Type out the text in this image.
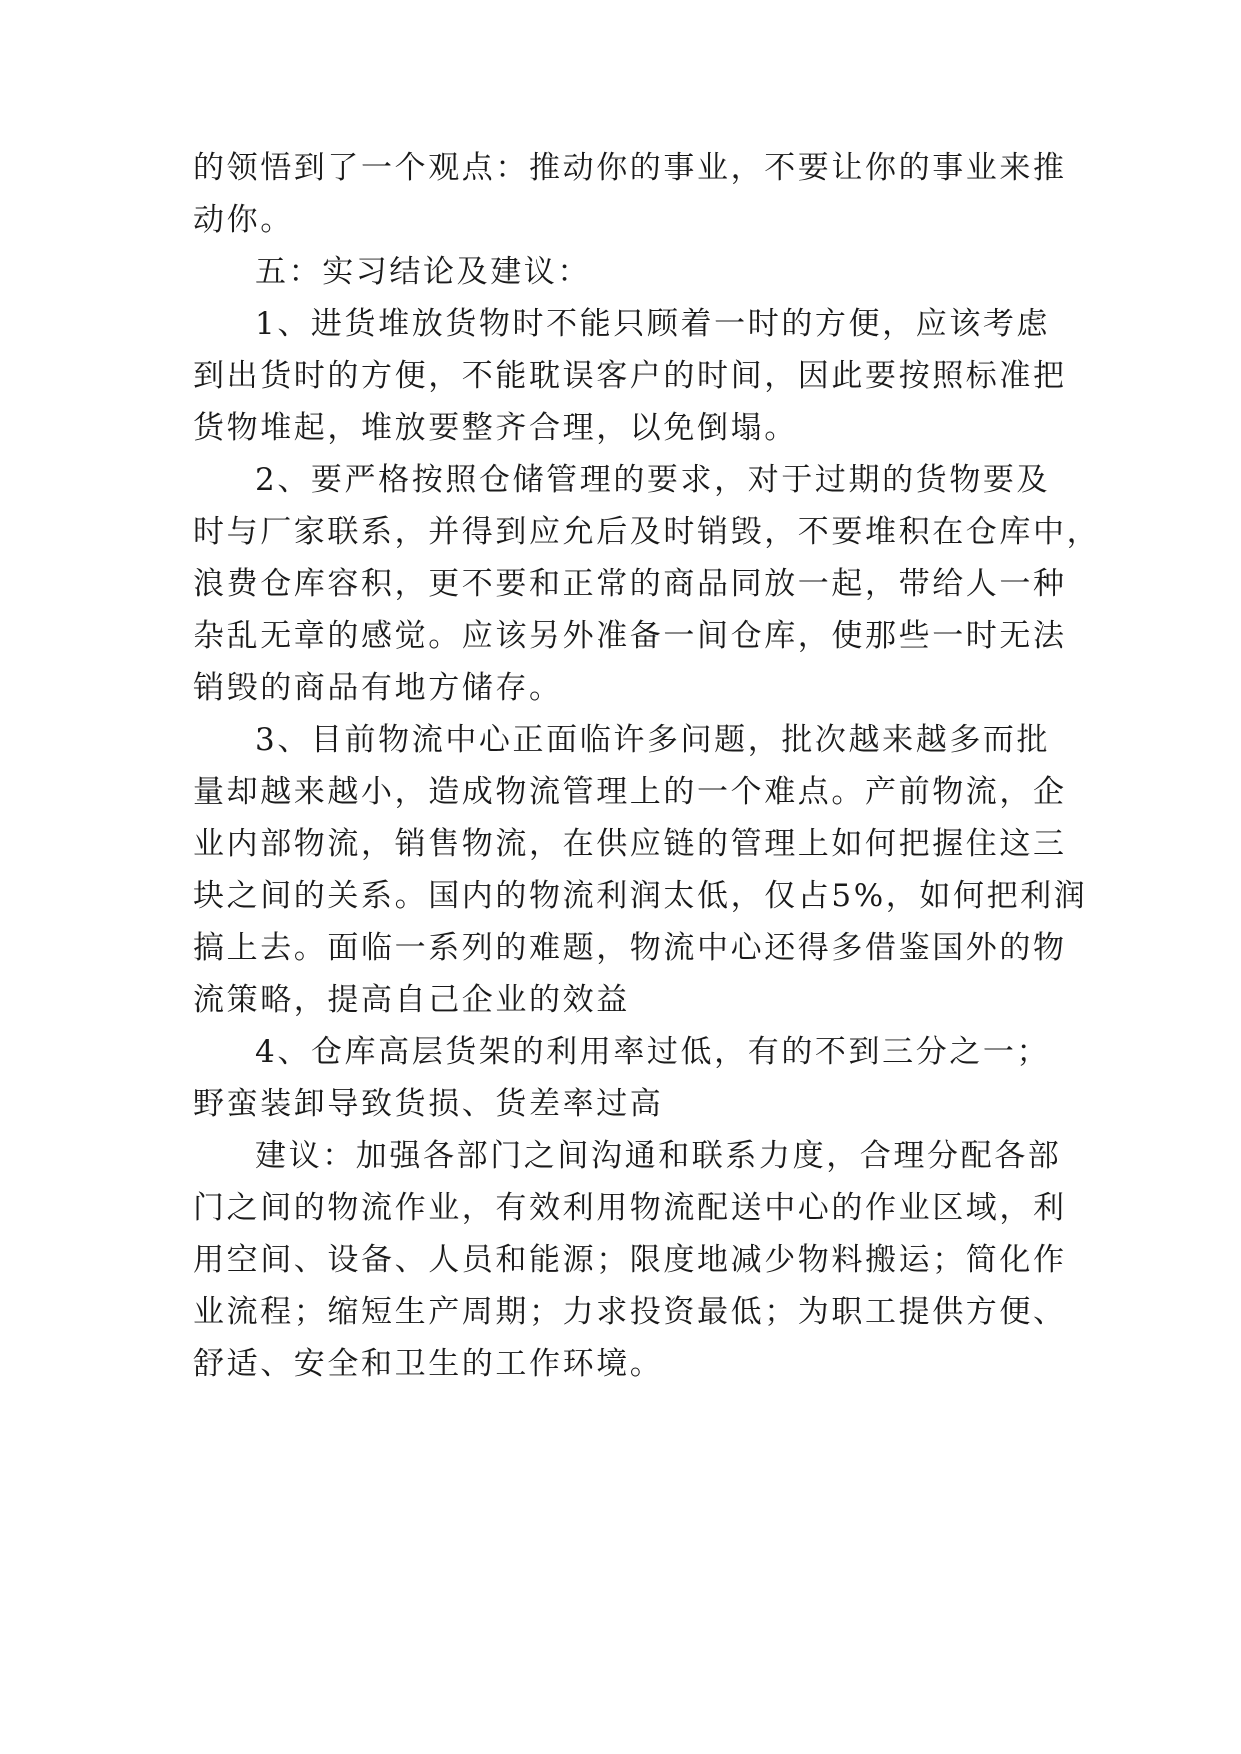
的领悟到了一个观点：推动你的事业，不要让你的事业来推
动你。
五：实习结论及建议：
1、进货堆放货物时不能只顾着一时的方便，应该考虑
到出货时的方便，不能耽误客户的时间，因此要按照标准把
货物堆起，堆放要整齐合理，以免倒塌。
2、要严格按照仓储管理的要求，对于过期的货物要及
时与厂家联系，并得到应允后及时销毁，不要堆积在仓库中，
浪费仓库容积，更不要和正常的商品同放一起，带给人一种
杂乱无章的感觉。应该另外准备一间仓库，使那些一时无法
销毁的商品有地方储存。
3、目前物流中心正面临许多问题，批次越来越多而批
量却越来越小，造成物流管理上的一个难点。产前物流，企
业内部物流，销售物流，在供应链的管理上如何把握住这三
块之间的关系。国内的物流利润太低，仅占5%，如何把利润
搞上去。面临一系列的难题，物流中心还得多借鉴国外的物
流策略，提高自己企业的效益
4、仓库高层货架的利用率过低，有的不到三分之一；
野蛮装卸导致货损、货差率过高
建议：加强各部门之间沟通和联系力度，合理分配各部
门之间的物流作业，有效利用物流配送中心的作业区域，利
用空间、设备、人员和能源；限度地减少物料搬运；简化作
业流程；缩短生产周期；力求投资最低；为职工提供方便、
舒适、安全和卫生的工作环境。
